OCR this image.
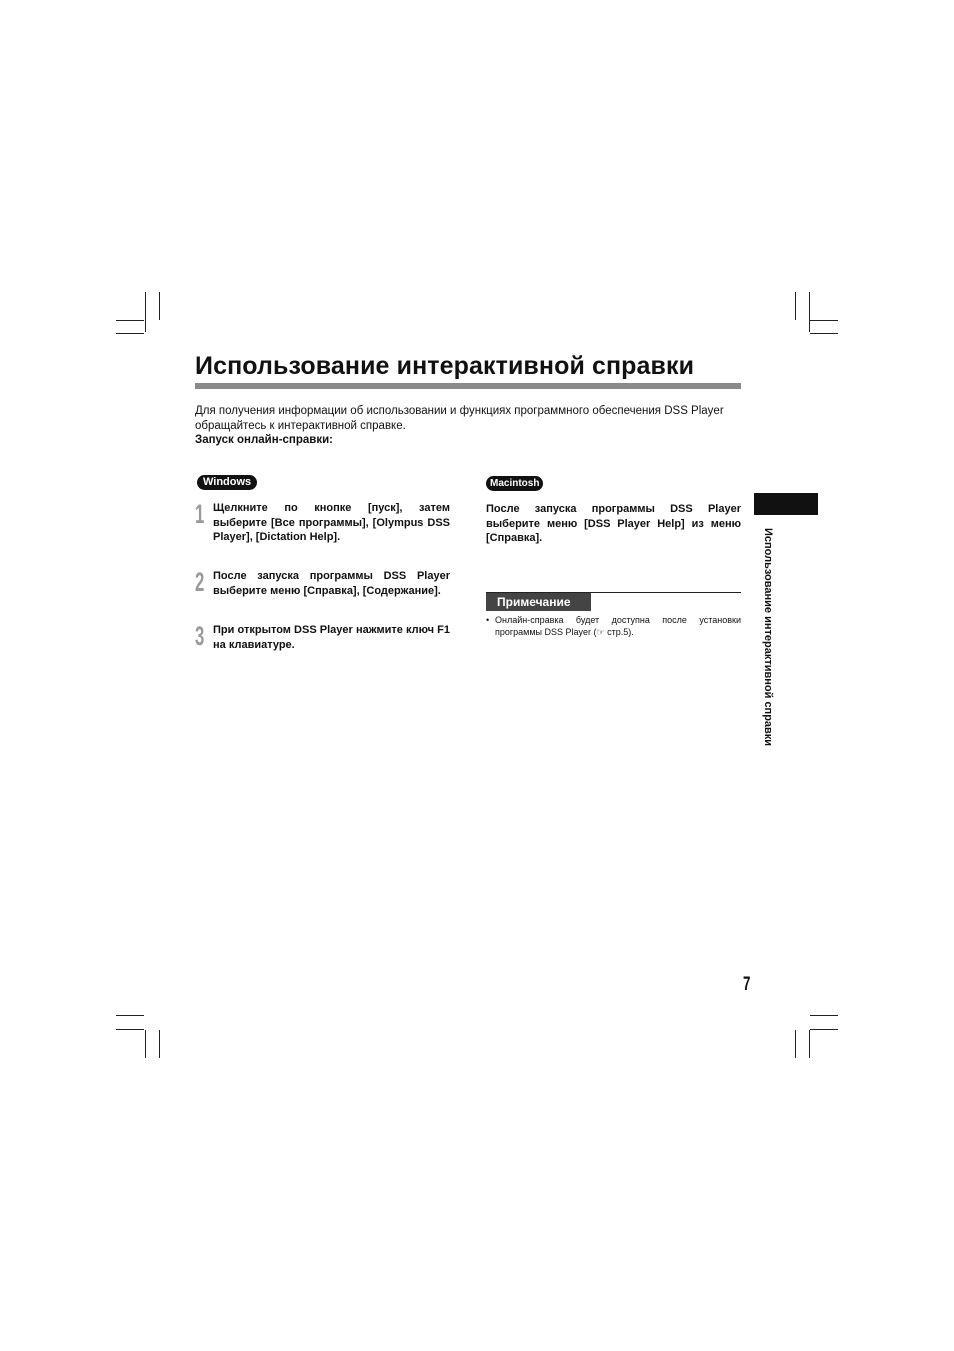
Использование интерактивной справки

Для получения информации об использовании и функциях программного обеспечения DSS Player обращайтесь к интерактивной справке.

Запуск онлайн-справки:

Windows
1 Щелкните по кнопке [пуск], затем выберите [Все программы], [Olympus DSS Player], [Dictation Help].
2 После запуска программы DSS Player выберите меню [Справка], [Содержание].
3 При открытом DSS Player нажмите ключ F1 на клавиатуре.
Macintosh

После запуска программы DSS Player выберите меню [DSS Player Help] из меню [Справка].

Примечание
• Онлайн-справка будет доступна после установки программы DSS Player (☞ стр.5).	Использование интерактивной справки
7
